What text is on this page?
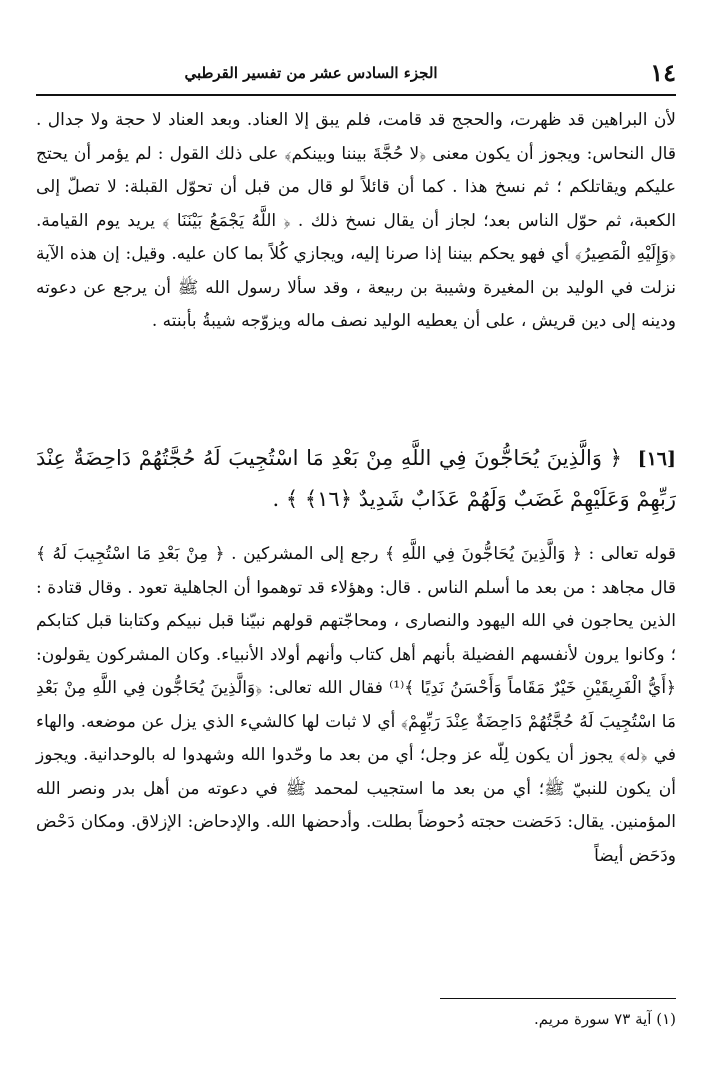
١٤
الجزء السادس عشر من تفسير القرطبي

لأن البراهين قد ظهرت، والحجج قد قامت، فلم يبق إلا العناد. وبعد العناد لا حجة ولا جدال . قال النحاس: ويجوز أن يكون معنى ﴿لا حُجَّةَ بيننا وبينكم﴾ على ذلك القول : لم يؤمر أن يحتج عليكم ويقاتلكم ؛ ثم نسخ هذا . كما أن قائلاً لو قال من قبل أن تحوّل القبلة: لا تصلّ إلى الكعبة، ثم حوّل الناس بعد؛ لجاز أن يقال نسخ ذلك . ﴿ اللَّهُ يَجْمَعُ بَيْنَنَا ﴾ يريد يوم القيامة. ﴿وَإِلَيْهِ الْمَصِيرُ﴾ أي فهو يحكم بيننا إذا صرنا إليه، ويجازي كُلاً بما كان عليه. وقيل: إن هذه الآية نزلت في الوليد بن المغيرة وشيبة بن ربيعة ، وقد سألا رسول الله ﷺ أن يرجع عن دعوته ودينه إلى دين قريش ، على أن يعطيه الوليد نصف ماله ويزوّجه شيبةُ بأبنته .

[١٦] ﴿ وَالَّذِينَ يُحَاجُّونَ فِي اللَّهِ مِنْ بَعْدِ مَا اسْتُجِيبَ لَهُ حُجَّتُهُمْ دَاحِضَةٌ عِنْدَ رَبِّهِمْ وَعَلَيْهِمْ غَضَبٌ وَلَهُمْ عَذَابٌ شَدِيدٌ ﴿١٦﴾ ﴾ .

قوله تعالى : ﴿ وَالَّذِينَ يُحَاجُّونَ فِي اللَّهِ ﴾ رجع إلى المشركين . ﴿ مِنْ بَعْدِ مَا اسْتُجِيبَ لَهُ ﴾ قال مجاهد : من بعد ما أسلم الناس . قال: وهؤلاء قد توهموا أن الجاهلية تعود . وقال قتادة : الذين يحاجون في الله اليهود والنصارى ، ومحاجّتهم قولهم نبيّنا قبل نبيكم وكتابنا قبل كتابكم ؛ وكانوا يرون لأنفسهم الفضيلة بأنهم أهل كتاب وأنهم أولاد الأنبياء. وكان المشركون يقولون: ﴿أَيُّ الْفَرِيقَيْنِ خَيْرٌ مَقَاماً وَأَحْسَنُ نَدِيًا ﴾⁽¹⁾ فقال الله تعالى: ﴿وَالَّذِينَ يُحَاجُّون فِي اللَّهِ مِنْ بَعْدِ مَا اسْتُجِيبَ لَهُ حُجَّتُهُمْ دَاحِضَةٌ عِنْدَ رَبِّهِمْ﴾ أي لا ثبات لها كالشيء الذي يزل عن موضعه. والهاء في ﴿له﴾ يجوز أن يكون لِلّه عز وجل؛ أي من بعد ما وحّدوا الله وشهدوا له بالوحدانية. ويجوز أن يكون للنبيّ ﷺ؛ أي من بعد ما استجيب لمحمد ﷺ في دعوته من أهل بدر ونصر الله المؤمنين. يقال: دَحَضت حجته دُحوضاً بطلت. وأدحضها الله. والإدحاض: الإزلاق. ومكان دَحْض ودَحَض أيضاً

(١) آية ٧٣ سورة مريم.
